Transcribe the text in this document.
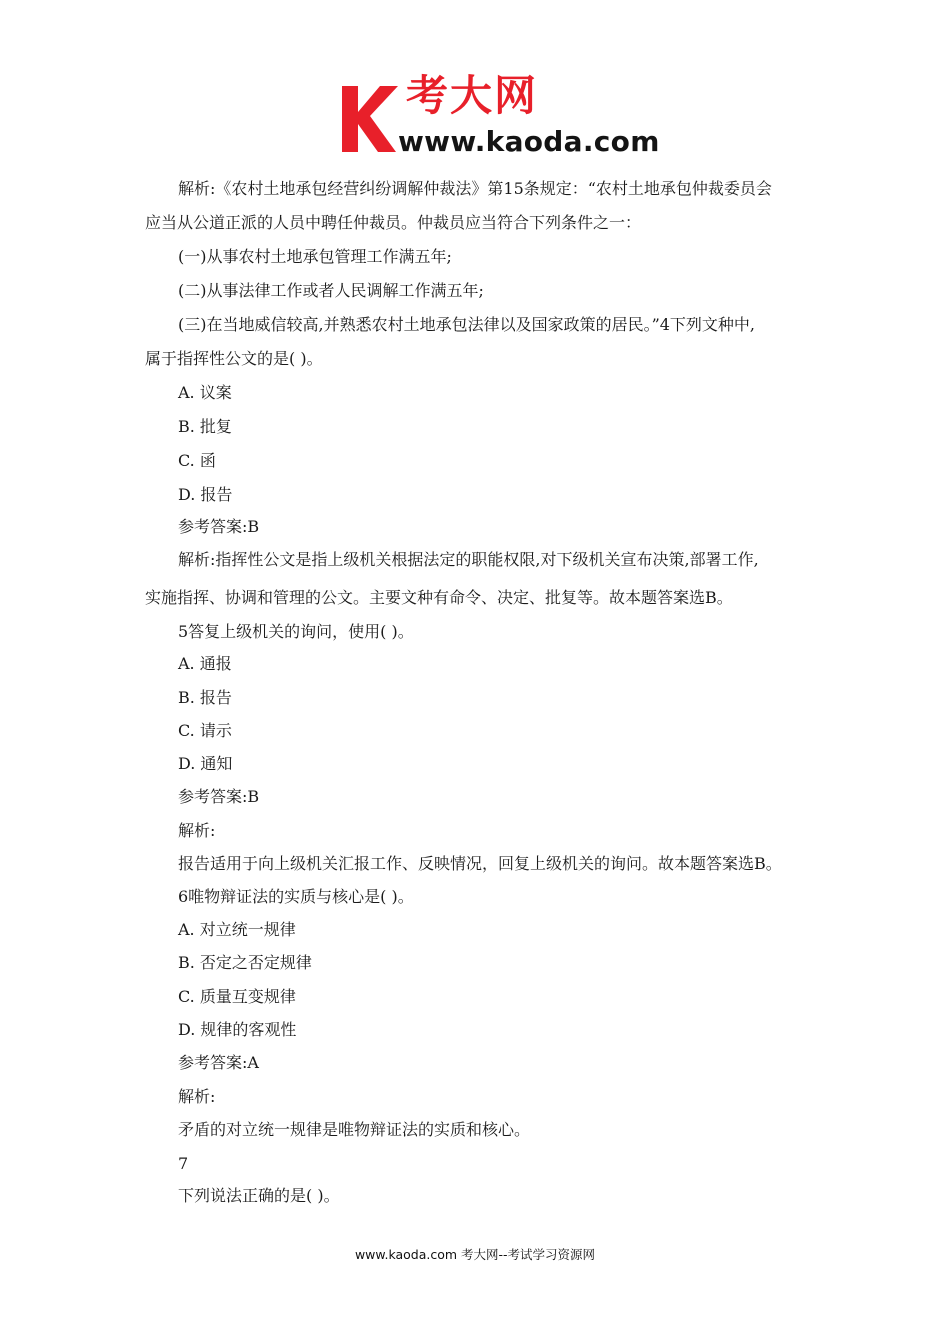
考大网
www.kaoda.com
解析:《农村土地承包经营纠纷调解仲裁法》第15条规定：“农村土地承包仲裁委员会
应当从公道正派的人员中聘任仲裁员。仲裁员应当符合下列条件之一：
(一)从事农村土地承包管理工作满五年;
(二)从事法律工作或者人民调解工作满五年;
(三)在当地威信较高,并熟悉农村土地承包法律以及国家政策的居民。”4下列文种中,
属于指挥性公文的是( )。
A. 议案
B. 批复
C. 函
D. 报告
参考答案:B
解析:指挥性公文是指上级机关根据法定的职能权限,对下级机关宣布决策,部署工作,
实施指挥、协调和管理的公文。主要文种有命令、决定、批复等。故本题答案选B。
5答复上级机关的询问，使用( )。
A. 通报
B. 报告
C. 请示
D. 通知
参考答案:B
解析:
报告适用于向上级机关汇报工作、反映情况，回复上级机关的询问。故本题答案选B。
6唯物辩证法的实质与核心是( )。
A. 对立统一规律
B. 否定之否定规律
C. 质量互变规律
D. 规律的客观性
参考答案:A
解析:
矛盾的对立统一规律是唯物辩证法的实质和核心。
7
下列说法正确的是( )。
www.kaoda.com 考大网--考试学习资源网
